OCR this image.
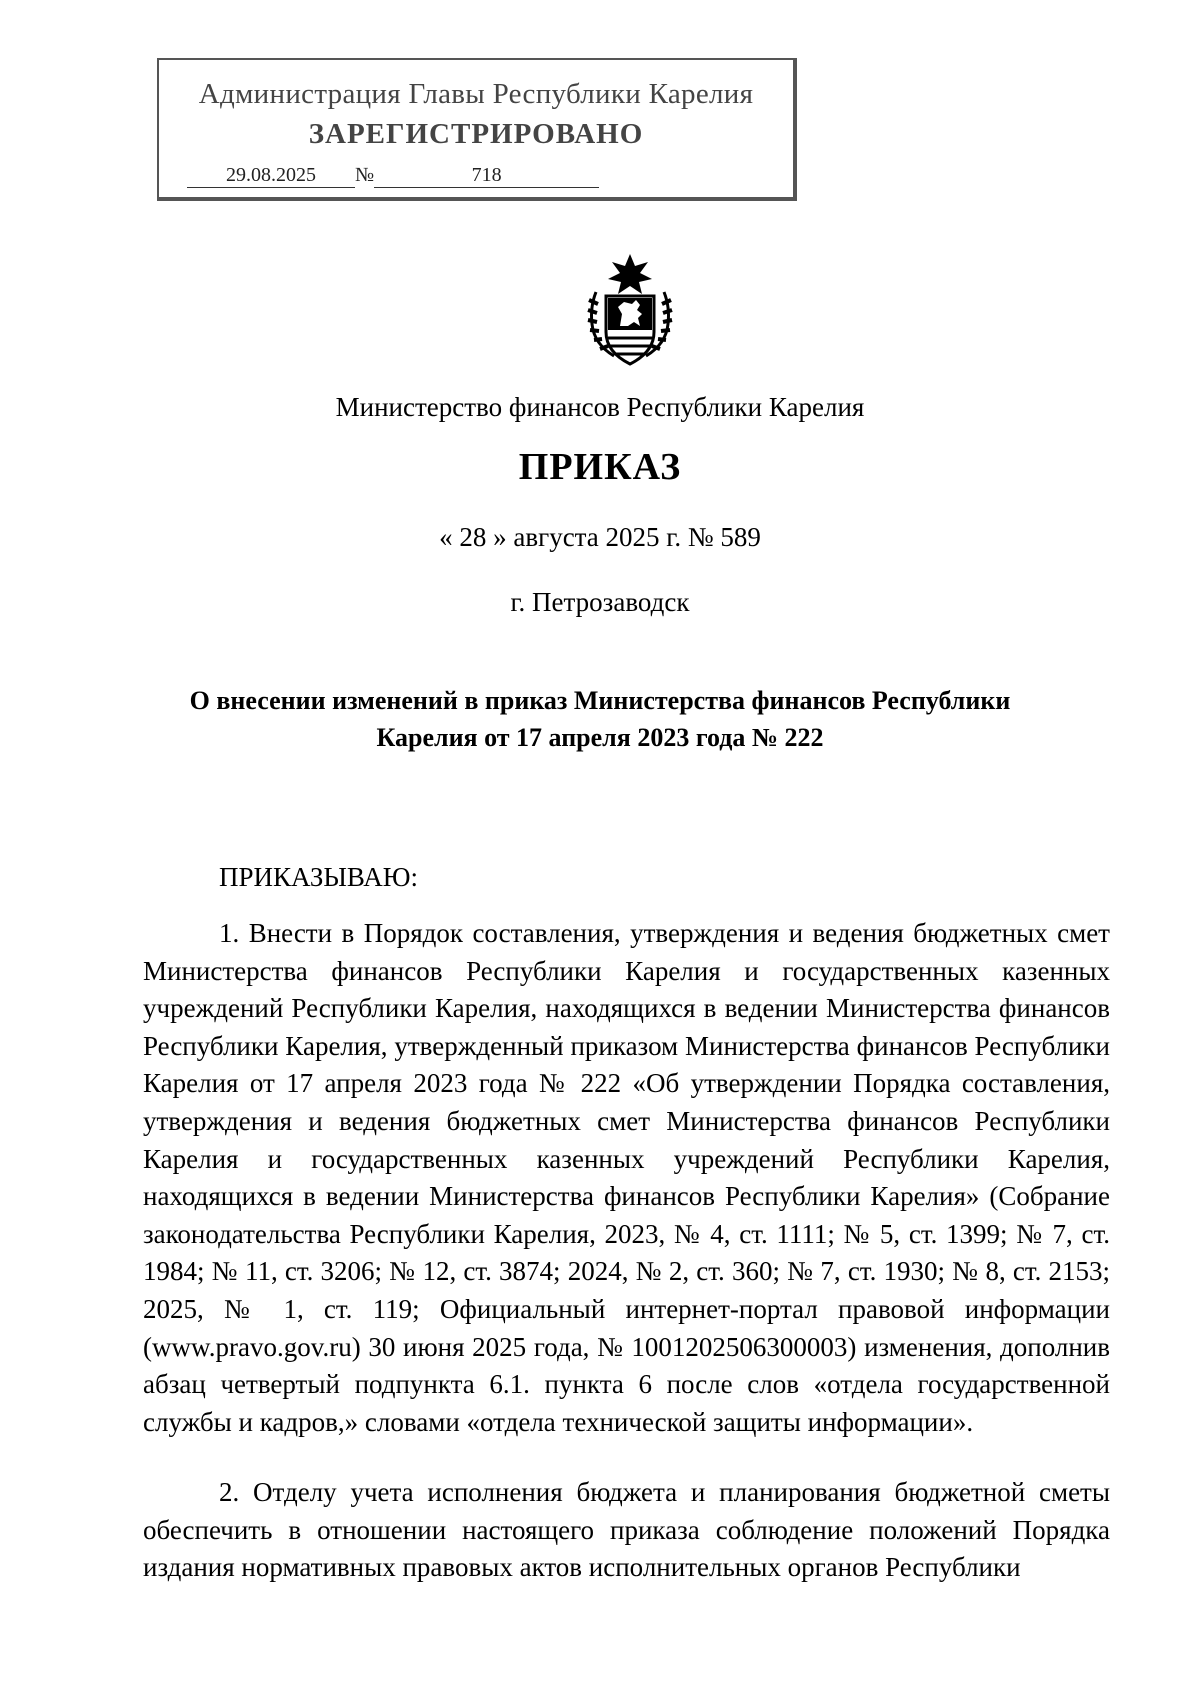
Администрация Главы Республики Карелия
ЗАРЕГИСТРИРОВАНО
29.08.2025 №	718
Министерство финансов Республики Карелия
ПРИКАЗ
« 28 » августа 2025 г. № 589
г. Петрозаводск
О внесении изменений в приказ Министерства финансов Республики
Карелия от 17 апреля 2023 года № 222
ПРИКАЗЫВАЮ:

1. Внести в Порядок составления, утверждения и ведения бюджетных смет Министерства финансов Республики Карелия и государственных казенных учреждений Республики Карелия, находящихся в ведении Министерства финансов Республики Карелия, утвержденный приказом Министерства финансов Республики Карелия от 17 апреля 2023 года № 222 «Об утверждении Порядка составления, утверждения и ведения бюджетных смет Министерства финансов Республики Карелия и государственных казенных учреждений Республики Карелия, находящихся в ведении Министерства финансов Республики Карелия» (Собрание законодательства Республики Карелия, 2023, № 4, ст. 1111; № 5, ст. 1399; № 7, ст. 1984; № 11, ст. 3206; № 12, ст. 3874; 2024, № 2, ст. 360; № 7, ст. 1930; № 8, ст. 2153; 2025, № 1, ст. 119; Официальный интернет-портал правовой информации (www.pravo.gov.ru) 30 июня 2025 года, № 1001202506300003) изменения, дополнив абзац четвертый подпункта 6.1. пункта 6 после слов «отдела государственной службы и кадров,» словами «отдела технической защиты информации».

2. Отделу учета исполнения бюджета и планирования бюджетной сметы обеспечить в отношении настоящего приказа соблюдение положений Порядка издания нормативных правовых актов исполнительных органов Республики
